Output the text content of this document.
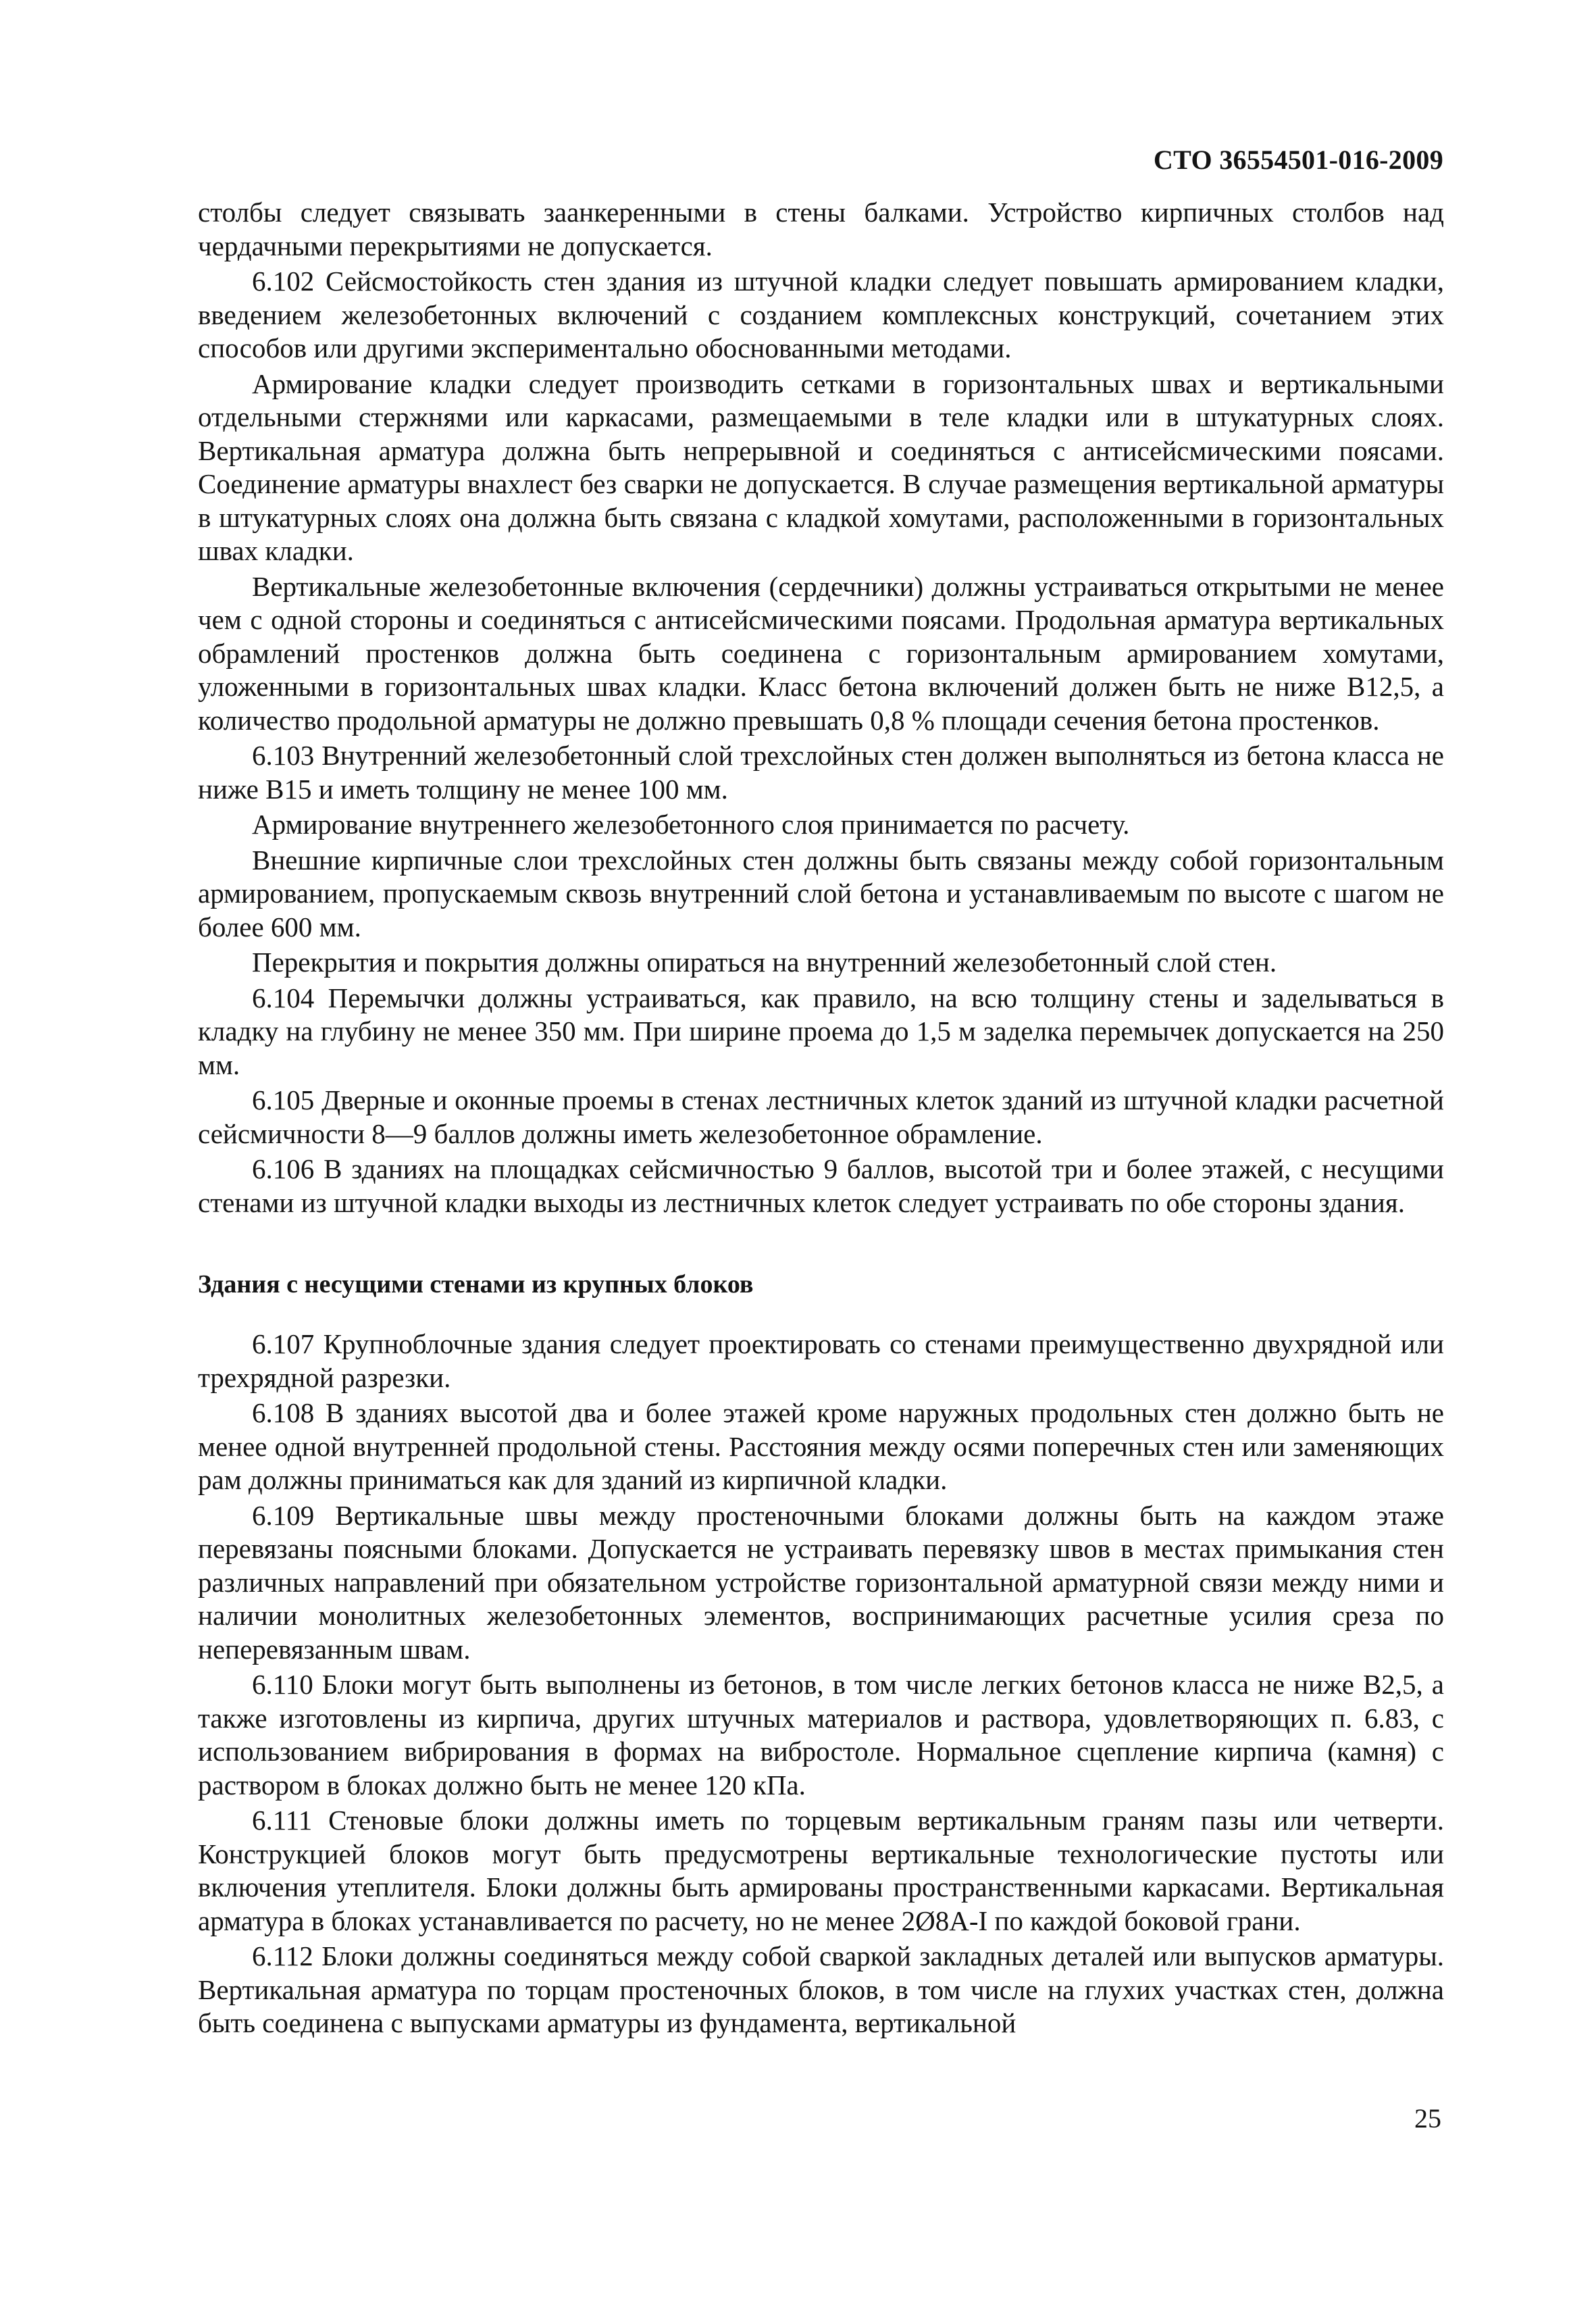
СТО 36554501-016-2009

столбы следует связывать заанкеренными в стены балками. Устройство кирпичных столбов над чердачными перекрытиями не допускается.

6.102 Сейсмостойкость стен здания из штучной кладки следует повышать армированием кладки, введением железобетонных включений с созданием комплексных конструкций, сочетанием этих способов или другими экспериментально обоснованными методами.

Армирование кладки следует производить сетками в горизонтальных швах и вертикальными отдельными стержнями или каркасами, размещаемыми в теле кладки или в штукатурных слоях. Вертикальная арматура должна быть непрерывной и соединяться с антисейсмическими поясами. Соединение арматуры внахлест без сварки не допускается. В случае размещения вертикальной арматуры в штукатурных слоях она должна быть связана с кладкой хомутами, расположенными в горизонтальных швах кладки.

Вертикальные железобетонные включения (сердечники) должны устраиваться открытыми не менее чем с одной стороны и соединяться с антисейсмическими поясами. Продольная арматура вертикальных обрамлений простенков должна быть соединена с горизонтальным армированием хомутами, уложенными в горизонтальных швах кладки. Класс бетона включений должен быть не ниже В12,5, а количество продольной арматуры не должно превышать 0,8 % площади сечения бетона простенков.

6.103 Внутренний железобетонный слой трехслойных стен должен выполняться из бетона класса не ниже В15 и иметь толщину не менее 100 мм.

Армирование внутреннего железобетонного слоя принимается по расчету.

Внешние кирпичные слои трехслойных стен должны быть связаны между собой горизонтальным армированием, пропускаемым сквозь внутренний слой бетона и устанавливаемым по высоте с шагом не более 600 мм.

Перекрытия и покрытия должны опираться на внутренний железобетонный слой стен.

6.104 Перемычки должны устраиваться, как правило, на всю толщину стены и заделываться в кладку на глубину не менее 350 мм. При ширине проема до 1,5 м заделка перемычек допускается на 250 мм.

6.105 Дверные и оконные проемы в стенах лестничных клеток зданий из штучной кладки расчетной сейсмичности 8—9 баллов должны иметь железобетонное обрамление.

6.106 В зданиях на площадках сейсмичностью 9 баллов, высотой три и более этажей, с несущими стенами из штучной кладки выходы из лестничных клеток следует устраивать по обе стороны здания.

Здания с несущими стенами из крупных блоков

6.107 Крупноблочные здания следует проектировать со стенами преимущественно двухрядной или трехрядной разрезки.

6.108 В зданиях высотой два и более этажей кроме наружных продольных стен должно быть не менее одной внутренней продольной стены. Расстояния между осями поперечных стен или заменяющих рам должны приниматься как для зданий из кирпичной кладки.

6.109 Вертикальные швы между простеночными блоками должны быть на каждом этаже перевязаны поясными блоками. Допускается не устраивать перевязку швов в местах примыкания стен различных направлений при обязательном устройстве горизонтальной арматурной связи между ними и наличии монолитных железобетонных элементов, воспринимающих расчетные усилия среза по неперевязанным швам.

6.110 Блоки могут быть выполнены из бетонов, в том числе легких бетонов класса не ниже В2,5, а также изготовлены из кирпича, других штучных материалов и раствора, удовлетворяющих п. 6.83, с использованием вибрирования в формах на вибростоле. Нормальное сцепление кирпича (камня) с раствором в блоках должно быть не менее 120 кПа.

6.111 Стеновые блоки должны иметь по торцевым вертикальным граням пазы или четверти. Конструкцией блоков могут быть предусмотрены вертикальные технологические пустоты или включения утеплителя. Блоки должны быть армированы пространственными каркасами. Вертикальная арматура в блоках устанавливается по расчету, но не менее 2Ø8А-I по каждой боковой грани.

6.112 Блоки должны соединяться между собой сваркой закладных деталей или выпусков арматуры. Вертикальная арматура по торцам простеночных блоков, в том числе на глухих участках стен, должна быть соединена с выпусками арматуры из фундамента, вертикальной

25
